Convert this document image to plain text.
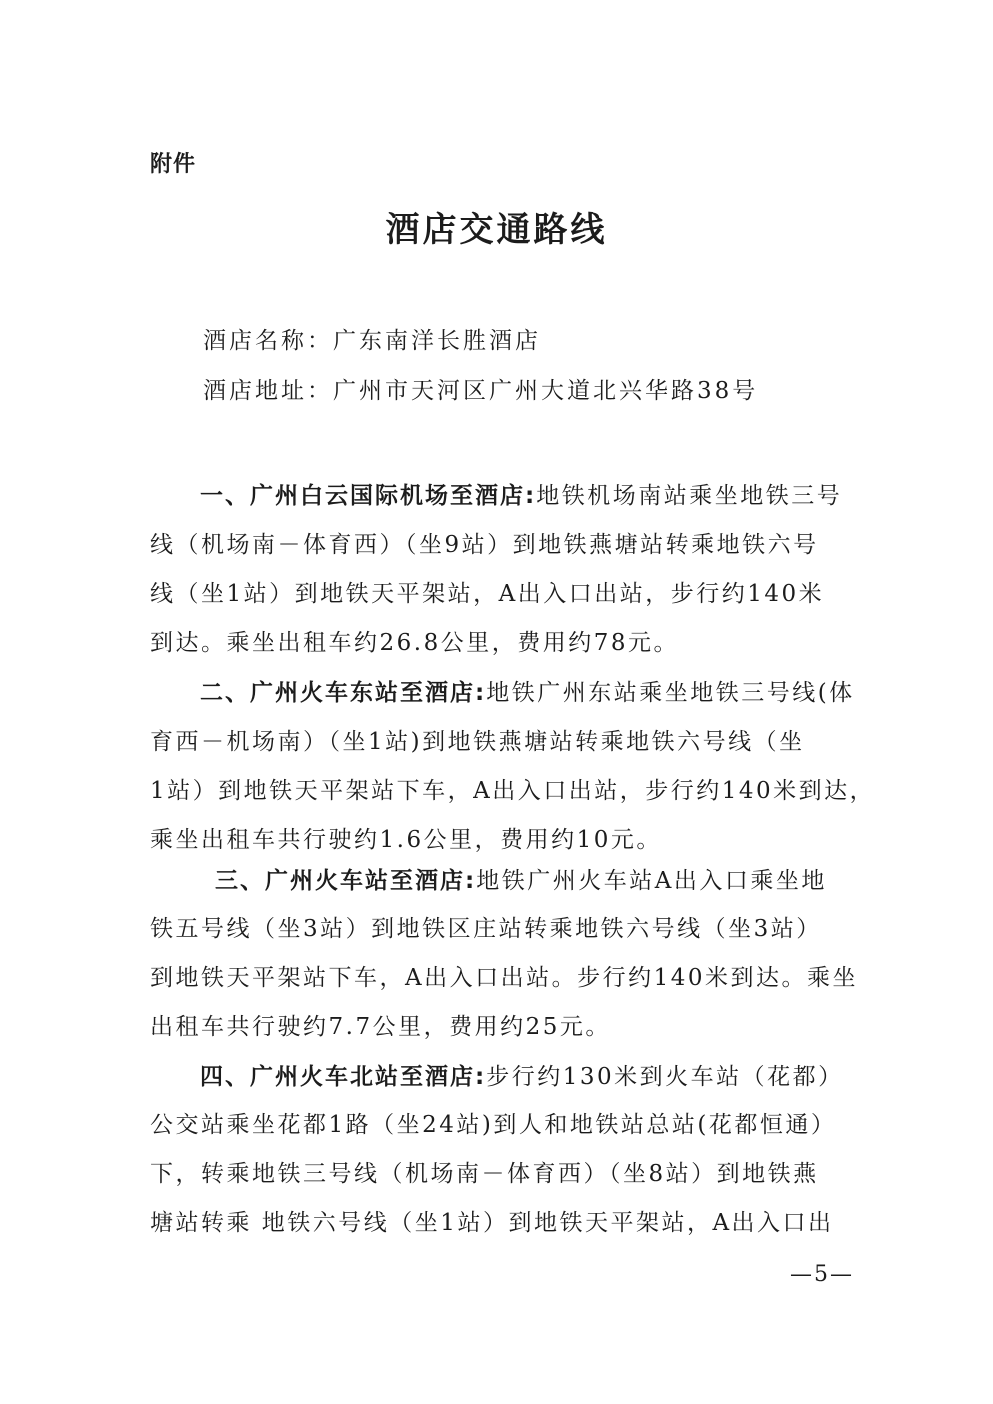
附件
酒店交通路线
酒店名称：广东南洋长胜酒店
酒店地址：广州市天河区广州大道北兴华路38号
一、广州白云国际机场至酒店:地铁机场南站乘坐地铁三号
线（机场南－体育西）（坐9站）到地铁燕塘站转乘地铁六号
线（坐1站）到地铁天平架站，A出入口出站，步行约140米
到达。乘坐出租车约26.8公里，费用约78元。
二、广州火车东站至酒店:地铁广州东站乘坐地铁三号线(体
育西－机场南）（坐1站)到地铁燕塘站转乘地铁六号线（坐
1站）到地铁天平架站下车，A出入口出站，步行约140米到达，
乘坐出租车共行驶约1.6公里，费用约10元。
三、广州火车站至酒店:地铁广州火车站A出入口乘坐地
铁五号线（坐3站）到地铁区庄站转乘地铁六号线（坐3站）
到地铁天平架站下车，A出入口出站。步行约140米到达。乘坐
出租车共行驶约7.7公里，费用约25元。
四、广州火车北站至酒店:步行约130米到火车站（花都）
公交站乘坐花都1路（坐24站)到人和地铁站总站(花都恒通）
下，转乘地铁三号线（机场南－体育西）（坐8站）到地铁燕
塘站转乘 地铁六号线（坐1站）到地铁天平架站，A出入口出
—5—
